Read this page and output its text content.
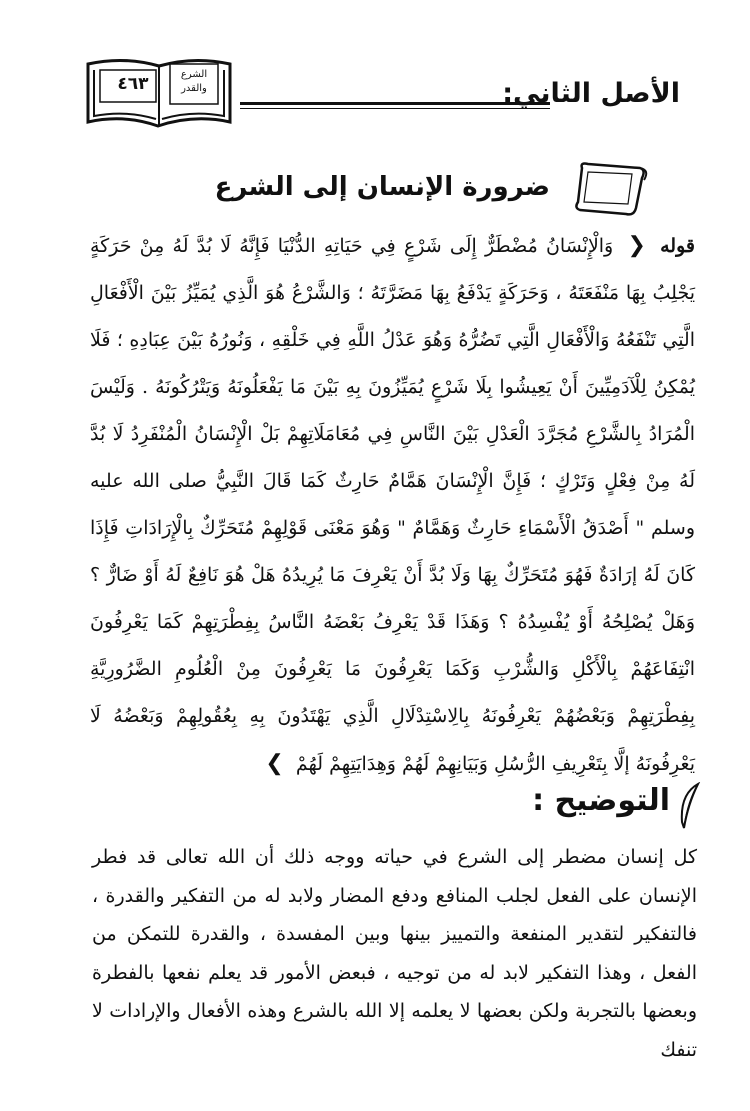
الأصل الثاني:
الشرع
والقدر
٤٦٣
ضرورة الإنسان إلى الشرع
قوله ❮ وَالْإِنْسَانُ مُضْطَرٌّ إِلَى شَرْعٍ فِي حَيَاتِهِ الدُّنْيَا فَإِنَّهُ لَا بُدَّ لَهُ مِنْ حَرَكَةٍ يَجْلِبُ بِهَا مَنْفَعَتَهُ ، وَحَرَكَةٍ يَدْفَعُ بِهَا مَضَرَّتَهُ ؛ وَالشَّرْعُ هُوَ الَّذِي يُمَيِّزُ بَيْنَ الْأَفْعَالِ الَّتِي تَنْفَعُهُ وَالْأَفْعَالِ الَّتِي تَضُرُّهُ وَهُوَ عَدْلُ اللَّهِ فِي خَلْقِهِ ، وَنُورُهُ بَيْنَ عِبَادِهِ ؛ فَلَا يُمْكِنُ لِلْآدَمِيِّينَ أَنْ يَعِيشُوا بِلَا شَرْعٍ يُمَيِّزُونَ بِهِ بَيْنَ مَا يَفْعَلُونَهُ وَيَتْرُكُونَهُ . وَلَيْسَ الْمُرَادُ بِالشَّرْعِ مُجَرَّدَ الْعَدْلِ بَيْنَ النَّاسِ فِي مُعَامَلَاتِهِمْ بَلْ الْإِنْسَانُ الْمُنْفَرِدُ لَا بُدَّ لَهُ مِنْ فِعْلٍ وَتَرْكٍ ؛ فَإِنَّ الْإِنْسَانَ هَمَّامٌ حَارِثٌ كَمَا قَالَ النَّبِيُّ صلى الله عليه وسلم " أَصْدَقُ الْأَسْمَاءِ حَارِثٌ وَهَمَّامٌ " وَهُوَ مَعْنَى قَوْلِهِمْ مُتَحَرِّكٌ بِالْإِرَادَاتِ فَإِذَا كَانَ لَهُ إرَادَةٌ فَهُوَ مُتَحَرِّكٌ بِهَا وَلَا بُدَّ أَنْ يَعْرِفَ مَا يُرِيدُهُ هَلْ هُوَ نَافِعٌ لَهُ أَوْ ضَارٌّ ؟ وَهَلْ يُصْلِحُهُ أَوْ يُفْسِدُهُ ؟ وَهَذَا قَدْ يَعْرِفُ بَعْضَهُ النَّاسُ بِفِطْرَتِهِمْ كَمَا يَعْرِفُونَ انْتِفَاعَهُمْ بِالْأَكْلِ وَالشُّرْبِ وَكَمَا يَعْرِفُونَ مَا يَعْرِفُونَ مِنْ الْعُلُومِ الضَّرُورِيَّةِ بِفِطْرَتِهِمْ وَبَعْضُهُمْ يَعْرِفُونَهُ بِالِاسْتِدْلَالِ الَّذِي يَهْتَدُونَ بِهِ بِعُقُولِهِمْ وَبَعْضُهُ لَا يَعْرِفُونَهُ إلَّا بِتَعْرِيفِ الرُّسُلِ وَبَيَانِهِمْ لَهُمْ وَهِدَايَتِهِمْ لَهُمْ ❯
التوضيح :
كل إنسان مضطر إلى الشرع في حياته ووجه ذلك أن الله تعالى قد فطر الإنسان على الفعل لجلب المنافع ودفع المضار ولابد له من التفكير والقدرة ، فالتفكير لتقدير المنفعة والتمييز بينها وبين المفسدة ، والقدرة للتمكن من الفعل ، وهذا التفكير لابد له من توجيه ، فبعض الأمور قد يعلم نفعها بالفطرة وبعضها بالتجربة ولكن بعضها لا يعلمه إلا الله بالشرع وهذه الأفعال والإرادات لا تنفك
